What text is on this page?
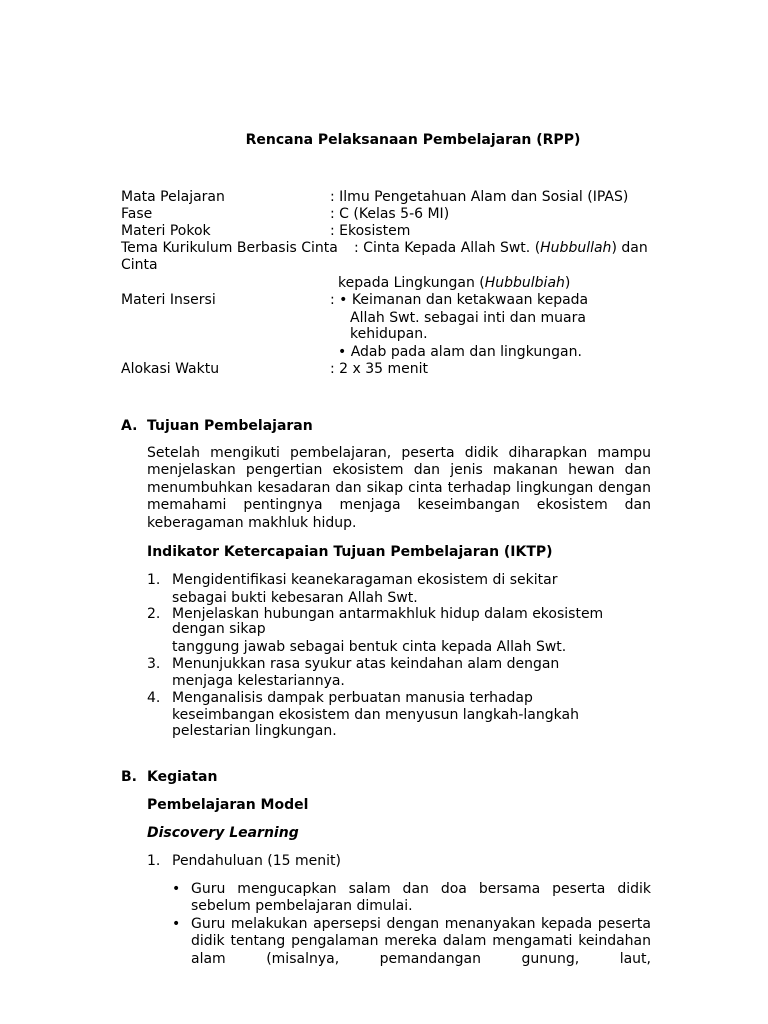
Rencana Pelaksanaan Pembelajaran (RPP)
Mata Pelajaran	: Ilmu Pengetahuan Alam dan Sosial (IPAS)
Fase	: C (Kelas 5-6 MI)
Materi Pokok	: Ekosistem
Tema Kurikulum Berbasis Cinta : Cinta Kepada Allah Swt. (Hubbullah) dan
Cinta
kepada Lingkungan (Hubbulbiah)
Materi Insersi	: • Keimanan dan ketakwaan kepada
Allah Swt. sebagai inti dan muara
kehidupan.
• Adab pada alam dan lingkungan.
Alokasi Waktu	: 2 x 35 menit
A. Tujuan Pembelajaran
Setelah mengikuti pembelajaran, peserta didik diharapkan mampu menjelaskan pengertian ekosistem dan jenis makanan hewan dan menumbuhkan kesadaran dan sikap cinta terhadap lingkungan dengan memahami pentingnya menjaga keseimbangan ekosistem dan keberagaman makhluk hidup.
Indikator Ketercapaian Tujuan Pembelajaran (IKTP)
1. Mengidentifikasi keanekaragaman ekosistem di sekitar
sebagai bukti kebesaran Allah Swt.
2. Menjelaskan hubungan antarmakhluk hidup dalam ekosistem
dengan sikap
tanggung jawab sebagai bentuk cinta kepada Allah Swt.
3. Menunjukkan rasa syukur atas keindahan alam dengan
menjaga kelestariannya.
4. Menganalisis dampak perbuatan manusia terhadap
keseimbangan ekosistem dan menyusun langkah-langkah
pelestarian lingkungan.
B. Kegiatan
Pembelajaran Model
Discovery Learning
1. Pendahuluan (15 menit)
• Guru mengucapkan salam dan doa bersama peserta didik sebelum pembelajaran dimulai.
• Guru melakukan apersepsi dengan menanyakan kepada peserta didik tentang pengalaman mereka dalam mengamati keindahan alam (misalnya, pemandangan gunung, laut,
